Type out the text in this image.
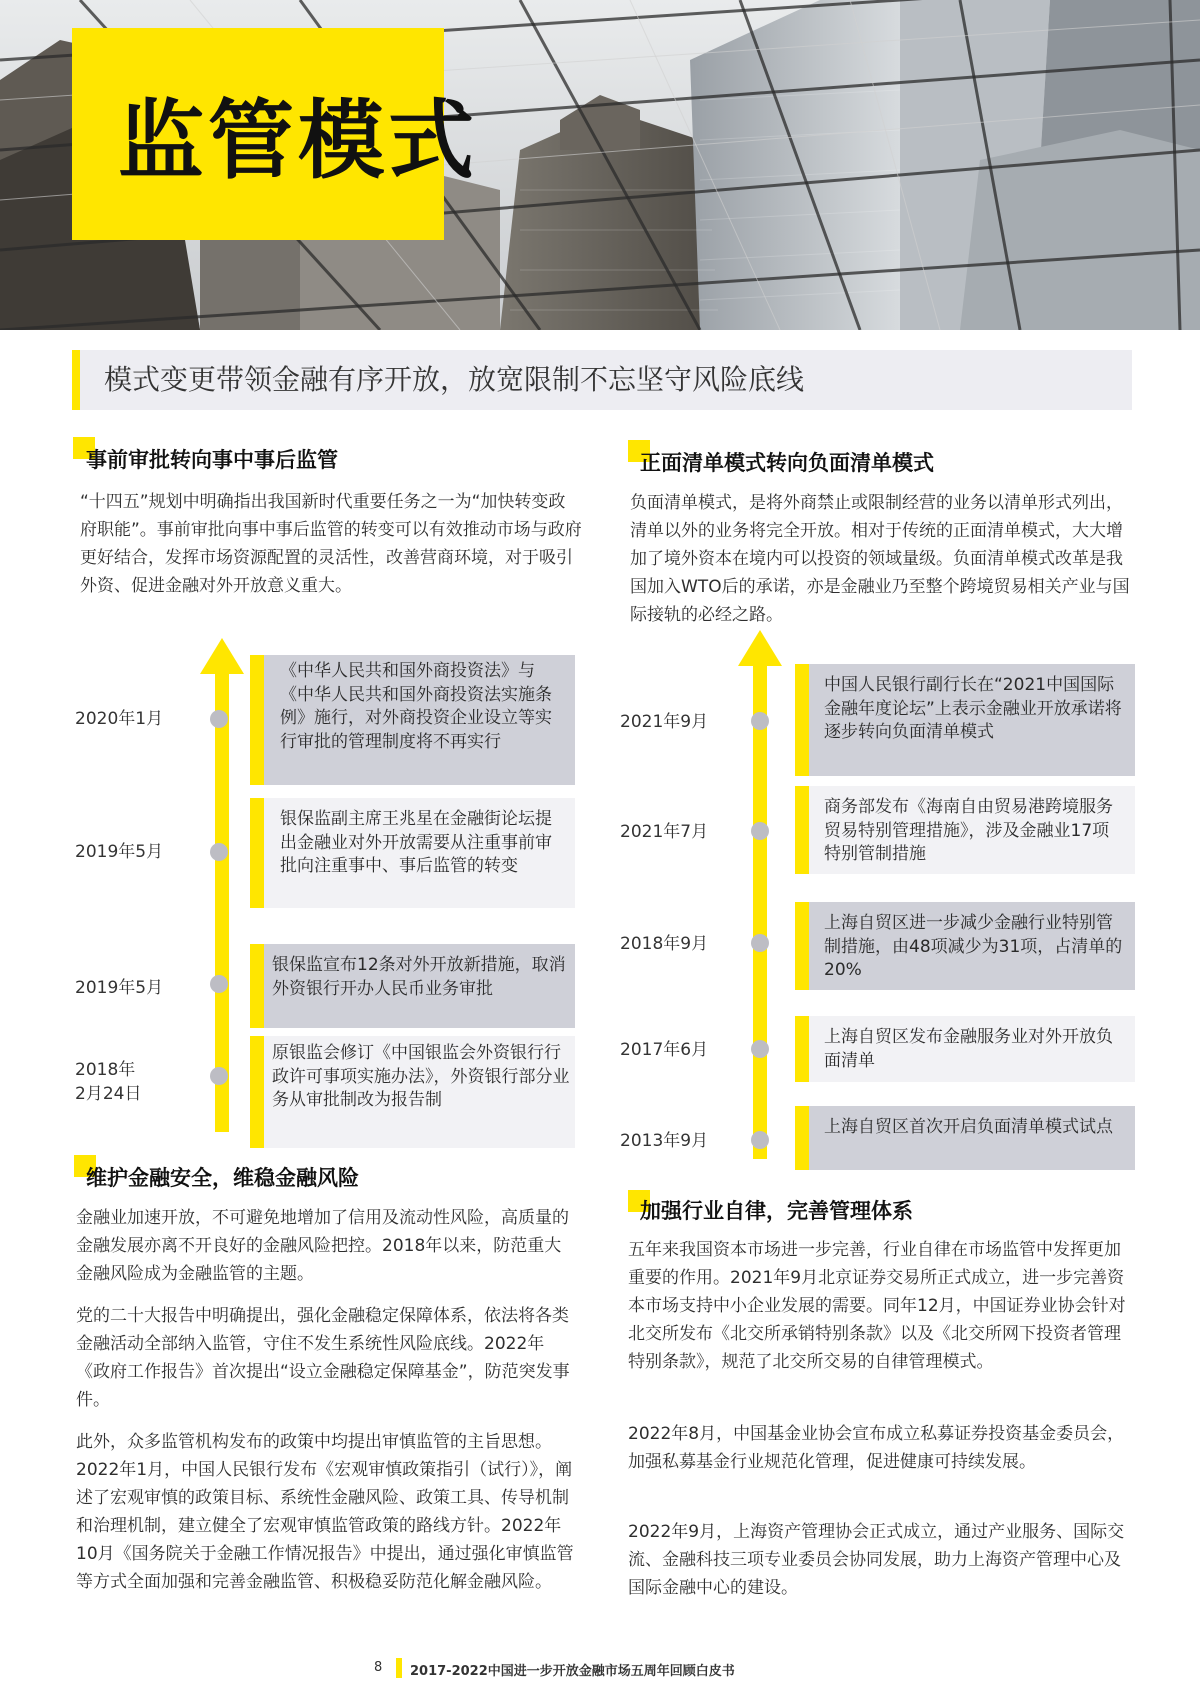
监管模式
模式变更带领金融有序开放，放宽限制不忘坚守风险底线
事前审批转向事中事后监管
“十四五”规划中明确指出我国新时代重要任务之一为“加快转变政府职能”。事前审批向事中事后监管的转变可以有效推动市场与政府更好结合，发挥市场资源配置的灵活性，改善营商环境，对于吸引外资、促进金融对外开放意义重大。
2020年1月
《中华人民共和国外商投资法》与《中华人民共和国外商投资法实施条例》施行，对外商投资企业设立等实行审批的管理制度将不再实行
2019年5月
银保监副主席王兆星在金融街论坛提出金融业对外开放需要从注重事前审批向注重事中、事后监管的转变
2019年5月
银保监宣布12条对外开放新措施，取消外资银行开办人民币业务审批
2018年
2月24日
原银监会修订《中国银监会外资银行行政许可事项实施办法》，外资银行部分业务从审批制改为报告制
维护金融安全，维稳金融风险
金融业加速开放，不可避免地增加了信用及流动性风险，高质量的金融发展亦离不开良好的金融风险把控。2018年以来，防范重大金融风险成为金融监管的主题。
党的二十大报告中明确提出，强化金融稳定保障体系，依法将各类金融活动全部纳入监管，守住不发生系统性风险底线。2022年《政府工作报告》首次提出“设立金融稳定保障基金”，防范突发事件。
此外，众多监管机构发布的政策中均提出审慎监管的主旨思想。2022年1月，中国人民银行发布《宏观审慎政策指引（试行）》，阐述了宏观审慎的政策目标、系统性金融风险、政策工具、传导机制和治理机制，建立健全了宏观审慎监管政策的路线方针。2022年10月《国务院关于金融工作情况报告》中提出，通过强化审慎监管等方式全面加强和完善金融监管、积极稳妥防范化解金融风险。
正面清单模式转向负面清单模式
负面清单模式，是将外商禁止或限制经营的业务以清单形式列出，清单以外的业务将完全开放。相对于传统的正面清单模式，大大增加了境外资本在境内可以投资的领域量级。负面清单模式改革是我国加入WTO后的承诺，亦是金融业乃至整个跨境贸易相关产业与国际接轨的必经之路。
2021年9月
中国人民银行副行长在“2021中国国际金融年度论坛”上表示金融业开放承诺将逐步转向负面清单模式
2021年7月
商务部发布《海南自由贸易港跨境服务贸易特别管理措施》，涉及金融业17项特别管制措施
2018年9月
上海自贸区进一步减少金融行业特别管制措施，由48项减少为31项，占清单的20%
2017年6月
上海自贸区发布金融服务业对外开放负面清单
2013年9月
上海自贸区首次开启负面清单模式试点
加强行业自律，完善管理体系
五年来我国资本市场进一步完善，行业自律在市场监管中发挥更加重要的作用。2021年9月北京证券交易所正式成立，进一步完善资本市场支持中小企业发展的需要。同年12月，中国证券业协会针对北交所发布《北交所承销特别条款》以及《北交所网下投资者管理特别条款》，规范了北交所交易的自律管理模式。
2022年8月，中国基金业协会宣布成立私募证券投资基金委员会，加强私募基金行业规范化管理，促进健康可持续发展。
2022年9月，上海资产管理协会正式成立，通过产业服务、国际交流、金融科技三项专业委员会协同发展，助力上海资产管理中心及国际金融中心的建设。
8 2017-2022中国进一步开放金融市场五周年回顾白皮书
